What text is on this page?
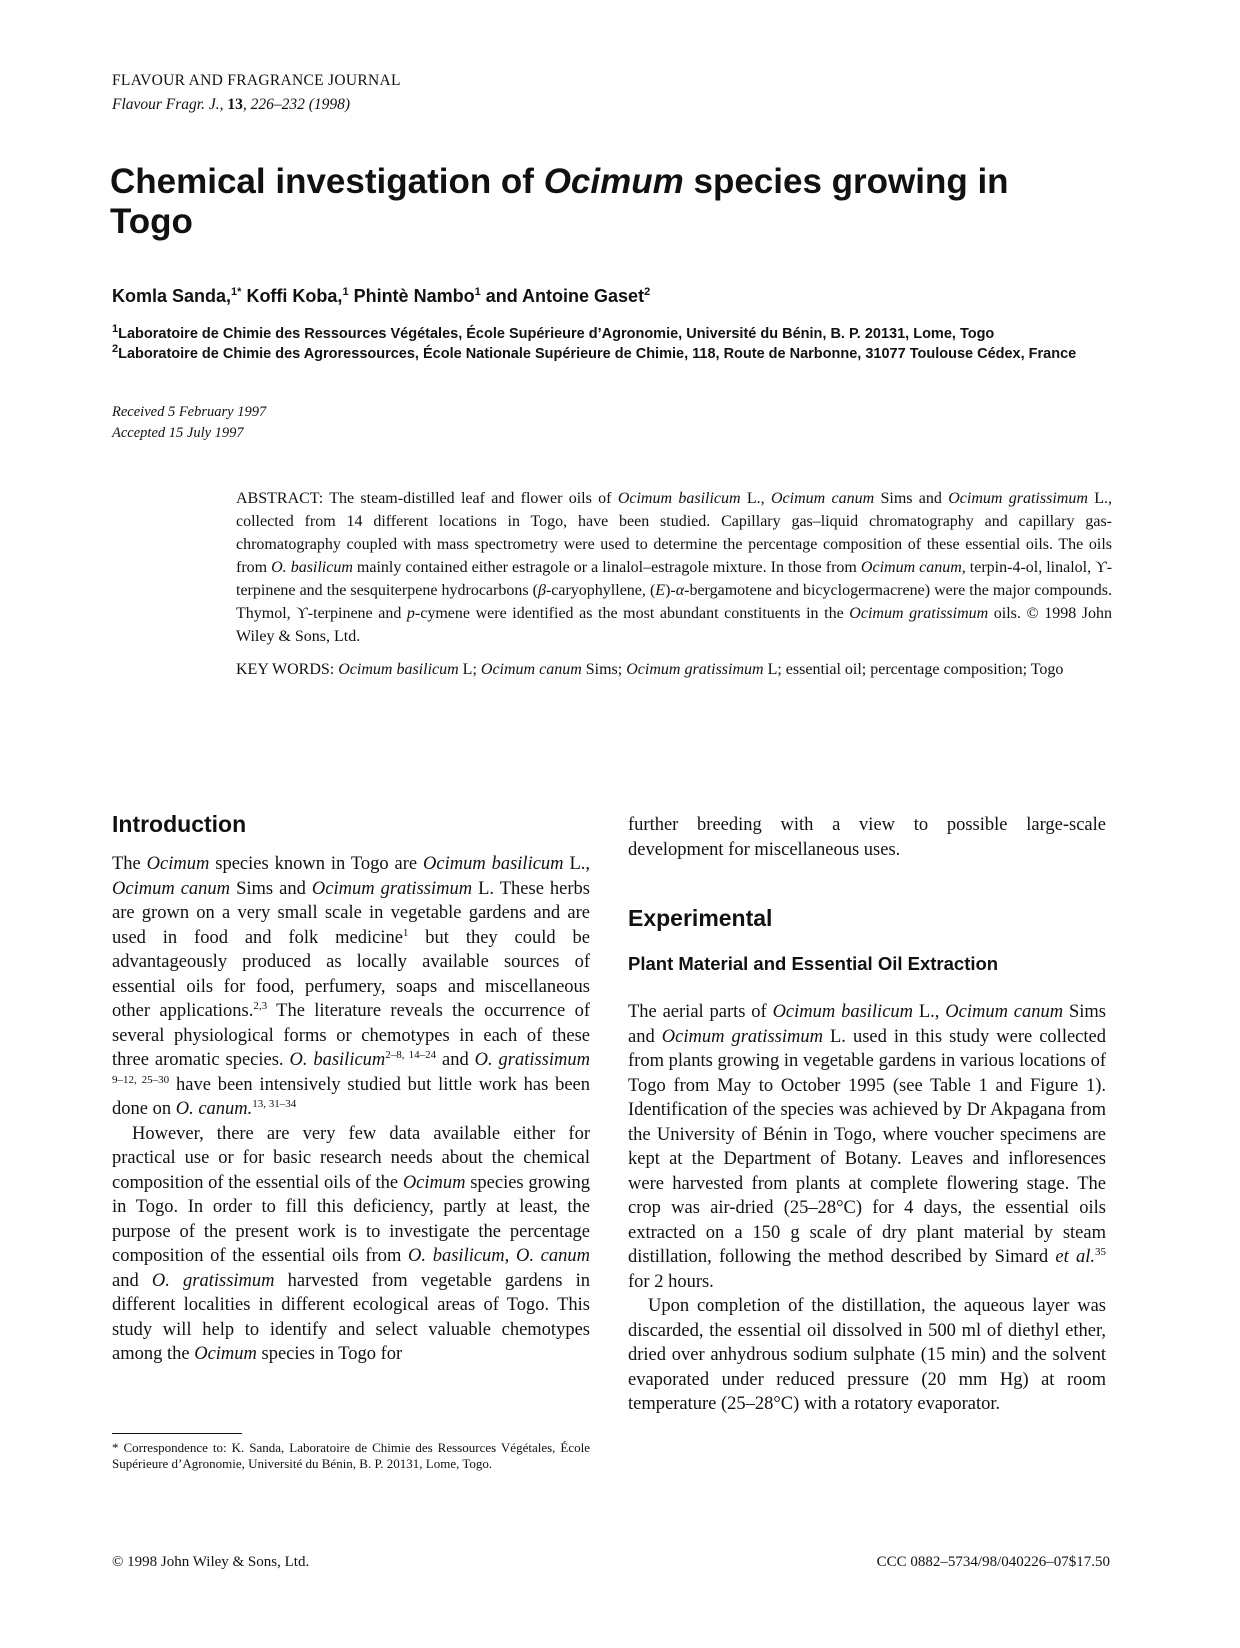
FLAVOUR AND FRAGRANCE JOURNAL
Flavour Fragr. J., 13, 226–232 (1998)
Chemical investigation of Ocimum species growing in Togo
Komla Sanda,$^{1*}$ Koffi Koba,$^1$ Phintè Nambo$^1$ and Antoine Gaset$^2$
$^1$Laboratoire de Chimie des Ressources Végétales, École Supérieure d’Agronomie, Université du Bénin, B. P. 20131, Lome, Togo
$^2$Laboratoire de Chimie des Agroressources, École Nationale Supérieure de Chimie, 118, Route de Narbonne, 31077 Toulouse Cédex, France
Received 5 February 1997
Accepted 15 July 1997

ABSTRACT: The steam-distilled leaf and flower oils of Ocimum basilicum L., Ocimum canum Sims and Ocimum gratissimum L., collected from 14 different locations in Togo, have been studied. Capillary gas–liquid chromatography and capillary gas-chromatography coupled with mass spectrometry were used to determine the percentage composition of these essential oils. The oils from O. basilicum mainly contained either estragole or a linalol–estragole mixture. In those from Ocimum canum, terpin-4-ol, linalol, ϒ-terpinene and the sesquiterpene hydrocarbons (β-caryophyllene, (E)-α-bergamotene and bicyclogermacrene) were the major compounds. Thymol, ϒ-terpinene and p-cymene were identified as the most abundant constituents in the Ocimum gratissimum oils. © 1998 John Wiley & Sons, Ltd.

KEY WORDS: Ocimum basilicum L; Ocimum canum Sims; Ocimum gratissimum L; essential oil; percentage composition; Togo

Introduction

The Ocimum species known in Togo are Ocimum basilicum L., Ocimum canum Sims and Ocimum gratissimum L. These herbs are grown on a very small scale in vegetable gardens and are used in food and folk medicine$^1$ but they could be advantageously produced as locally available sources of essential oils for food, perfumery, soaps and miscellaneous other applications.$^{2,3}$ The literature reveals the occurrence of several physiological forms or chemotypes in each of these three aromatic species. O. basilicum$^{2-8, 14-24}$ and O. gratissimum $^{9-12, 25-30}$ have been intensively studied but little work has been done on O. canum.$^{13, 31-34}$

However, there are very few data available either for practical use or for basic research needs about the chemical composition of the essential oils of the Ocimum species growing in Togo. In order to fill this deficiency, partly at least, the purpose of the present work is to investigate the percentage composition of the essential oils from O. basilicum, O. canum and O. gratissimum harvested from vegetable gardens in different localities in different ecological areas of Togo. This study will help to identify and select valuable chemotypes among the Ocimum species in Togo for

* Correspondence to: K. Sanda, Laboratoire de Chimie des Ressources Végétales, École Supérieure d’Agronomie, Université du Bénin, B. P. 20131, Lome, Togo.

further breeding with a view to possible large-scale development for miscellaneous uses.

Experimental
Plant Material and Essential Oil Extraction

The aerial parts of Ocimum basilicum L., Ocimum canum Sims and Ocimum gratissimum L. used in this study were collected from plants growing in vegetable gardens in various locations of Togo from May to October 1995 (see Table 1 and Figure 1). Identification of the species was achieved by Dr Akpagana from the University of Bénin in Togo, where voucher specimens are kept at the Department of Botany. Leaves and infloresences were harvested from plants at complete flowering stage. The crop was air-dried (25–28°C) for 4 days, the essential oils extracted on a 150 g scale of dry plant material by steam distillation, following the method described by Simard et al.$^{35}$ for 2 hours.

Upon completion of the distillation, the aqueous layer was discarded, the essential oil dissolved in 500 ml of diethyl ether, dried over anhydrous sodium sulphate (15 min) and the solvent evaporated under reduced pressure (20 mm Hg) at room temperature (25–28°C) with a rotatory evaporator.

© 1998 John Wiley & Sons, Ltd.	CCC 0882–5734/98/040226–07$17.50
